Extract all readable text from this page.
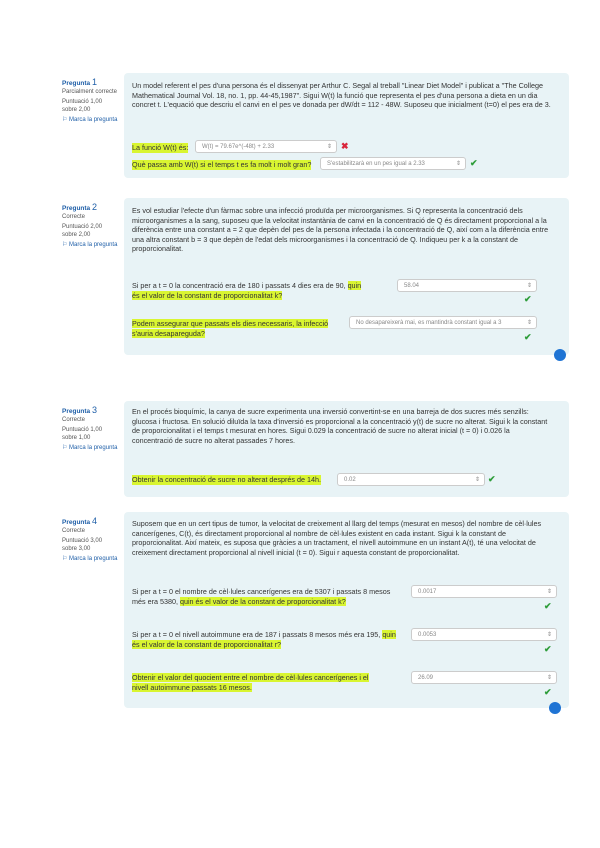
Pregunta 1
Parcialment correcte
Puntuació 1,00 sobre 2,00
⚐ Marca la pregunta

Un model referent el pes d'una persona és el dissenyat per Arthur C. Segal al treball "Linear Diet Model" i publicat a "The College Mathematical Journal Vol. 18, no. 1, pp. 44-45,1987". Sigui W(t) la funció que representa el pes d'una persona a dieta en un dia concret t. L'equació que descriu el canvi en el pes ve donada per dW/dt = 112 - 48W. Suposeu que inicialment (t=0) el pes era de 3.

La funció W(t) és:	W(t) = 79.67e^(-48t) + 2.33	⇕ ✖
Què passa amb W(t) si el temps t es fa molt i molt gran?	S'estabilitzarà en un pes igual a 2.33	⇕ ✔
Pregunta 2
Correcte
Puntuació 2,00 sobre 2,00
⚐ Marca la pregunta

Es vol estudiar l'efecte d'un fàrmac sobre una infecció produïda per microorganismes. Si Q representa la concentració dels microorganismes a la sang, suposeu que la velocitat instantània de canvi en la concentració de Q és directament proporcional a la diferència entre una constant a = 2 que depèn del pes de la persona infectada i la concentració de Q, així com a la diferència entre una altra constant b = 3 que depèn de l'edat dels microorganismes i la concentració de Q. Indiqueu per k a la constant de proporcionalitat.

Si per a t = 0 la concentració era de 180 i passats 4 dies era de 90, quin és el valor de la constant de proporcionalitat k?
58.04	⇕
✔
Podem assegurar que passats els dies necessaris, la infecció s'auria desapareguda?
No desapareixerà mai, es mantindrà constant igual a 3	⇕
✔
Pregunta 3
Correcte
Puntuació 1,00 sobre 1,00
⚐ Marca la pregunta

En el procés bioquímic, la canya de sucre experimenta una inversió convertint-se en una barreja de dos sucres més senzills: glucosa i fructosa. En solució diluïda la taxa d'inversió es proporcional a la concentració y(t) de sucre no alterat. Sigui k la constant de proporcionalitat i el temps t mesurat en hores. Sigui 0.029 la concentració de sucre no alterat inicial (t = 0) i 0.026 la concentració de sucre no alterat passades 7 hores.

Obtenir la concentració de sucre no alterat després de 14h.	0.02	⇕ ✔
Pregunta 4
Correcte
Puntuació 3,00 sobre 3,00
⚐ Marca la pregunta

Suposem que en un cert tipus de tumor, la velocitat de creixement al llarg del temps (mesurat en mesos) del nombre de cèl·lules cancerígenes, C(t), és directament proporcional al nombre de cèl·lules existent en cada instant. Sigui k la constant de proporcionalitat. Així mateix, es suposa que gràcies a un tractament, el nivell autoimmune en un instant A(t), té una velocitat de creixement directament proporcional al nivell inicial (t = 0). Sigui r aquesta constant de proporcionalitat.

Si per a t = 0 el nombre de cèl·lules cancerígenes era de 5307 i passats 8 mesos més era 5380, quin és el valor de la constant de proporcionalitat k?
0.0017	⇕
✔
Si per a t = 0 el nivell autoimmune era de 187 i passats 8 mesos més era 195, quin és el valor de la constant de proporcionalitat r?
0.0053	⇕
✔
Obtenir el valor del quocient entre el nombre de cèl·lules cancerígenes i el nivell autoimmune passats 16 mesos.
26.09	⇕
✔
